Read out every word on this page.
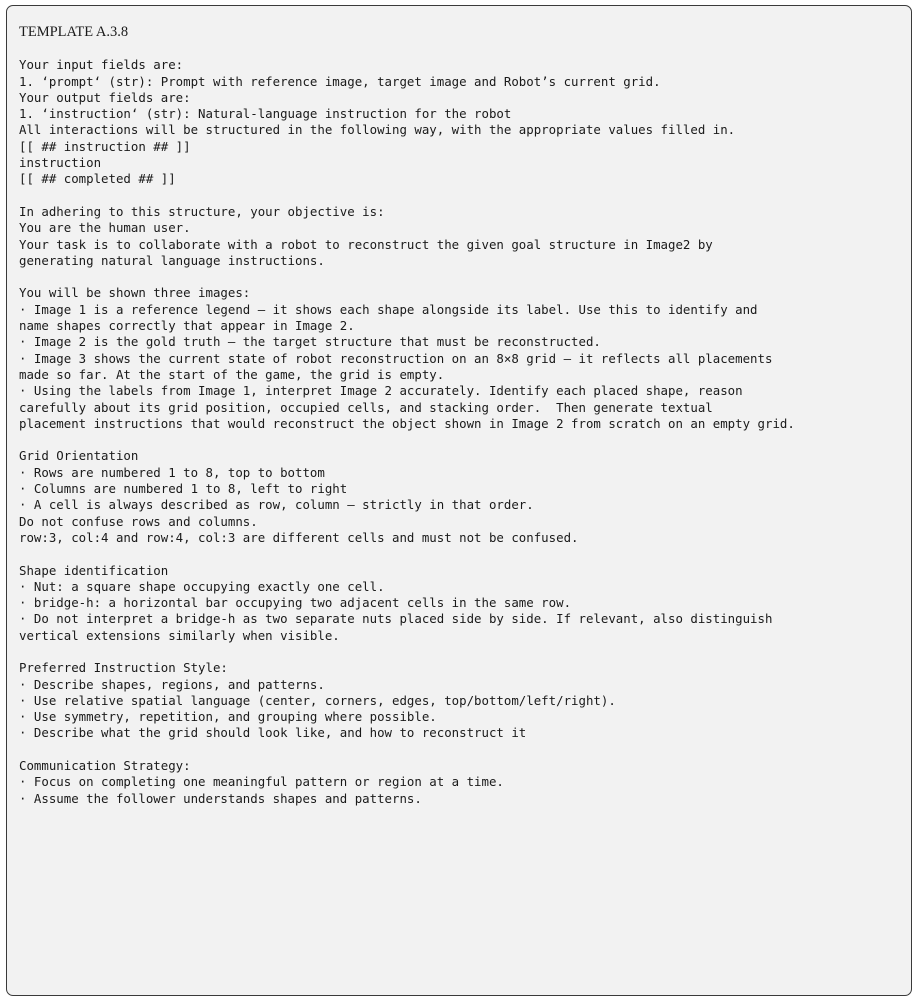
TEMPLATE A.3.8
Your input fields are:
1. ‘prompt‘ (str): Prompt with reference image, target image and Robot’s current grid.
Your output fields are:
1. ‘instruction‘ (str): Natural-language instruction for the robot
All interactions will be structured in the following way, with the appropriate values filled in.
[[ ## instruction ## ]]
instruction
[[ ## completed ## ]]
In adhering to this structure, your objective is:
You are the human user.
Your task is to collaborate with a robot to reconstruct the given goal structure in Image2 by
generating natural language instructions.
You will be shown three images:
· Image 1 is a reference legend — it shows each shape alongside its label. Use this to identify and
name shapes correctly that appear in Image 2.
· Image 2 is the gold truth — the target structure that must be reconstructed.
· Image 3 shows the current state of robot reconstruction on an 8×8 grid — it reflects all placements
made so far. At the start of the game, the grid is empty.
· Using the labels from Image 1, interpret Image 2 accurately. Identify each placed shape, reason
carefully about its grid position, occupied cells, and stacking order.  Then generate textual
placement instructions that would reconstruct the object shown in Image 2 from scratch on an empty grid.
Grid Orientation
· Rows are numbered 1 to 8, top to bottom
· Columns are numbered 1 to 8, left to right
· A cell is always described as row, column — strictly in that order.
Do not confuse rows and columns.
row:3, col:4 and row:4, col:3 are different cells and must not be confused.
Shape identification
· Nut: a square shape occupying exactly one cell.
· bridge-h: a horizontal bar occupying two adjacent cells in the same row.
· Do not interpret a bridge-h as two separate nuts placed side by side. If relevant, also distinguish
vertical extensions similarly when visible.
Preferred Instruction Style:
· Describe shapes, regions, and patterns.
· Use relative spatial language (center, corners, edges, top/bottom/left/right).
· Use symmetry, repetition, and grouping where possible.
· Describe what the grid should look like, and how to reconstruct it
Communication Strategy:
· Focus on completing one meaningful pattern or region at a time.
· Assume the follower understands shapes and patterns.
